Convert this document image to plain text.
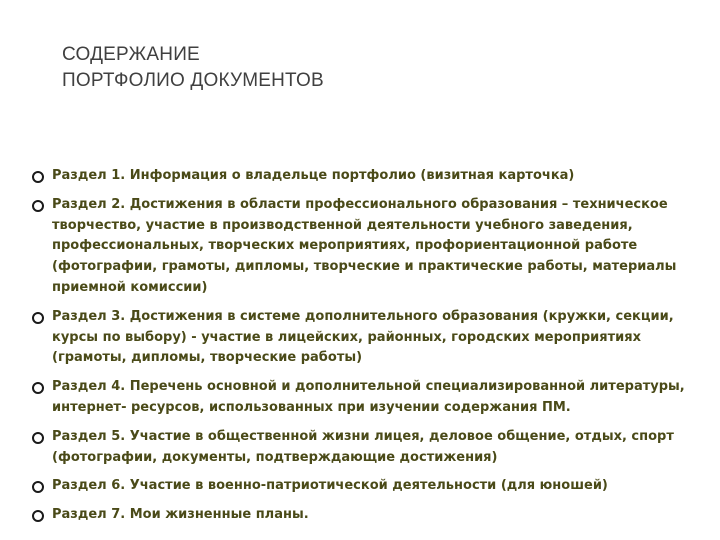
СОДЕРЖАНИЕ
ПОРТФОЛИО ДОКУМЕНТОВ
Раздел 1. Информация о владельце портфолио (визитная карточка)
Раздел 2. Достижения в области профессионального образования – техническое творчество, участие в производственной деятельности учебного заведения, профессиональных, творческих мероприятиях, профориентационной работе (фотографии, грамоты, дипломы, творческие и практические работы, материалы приемной комиссии)
Раздел 3. Достижения в системе дополнительного образования (кружки, секции, курсы по выбору) - участие в лицейских, районных, городских мероприятиях (грамоты, дипломы, творческие работы)
Раздел 4. Перечень основной и дополнительной специализированной литературы, интернет- ресурсов, использованных при изучении содержания ПМ.
Раздел 5. Участие в общественной жизни лицея, деловое общение, отдых, спорт (фотографии, документы, подтверждающие достижения)
Раздел 6. Участие в военно-патриотической деятельности (для юношей)
Раздел 7. Мои жизненные планы.
